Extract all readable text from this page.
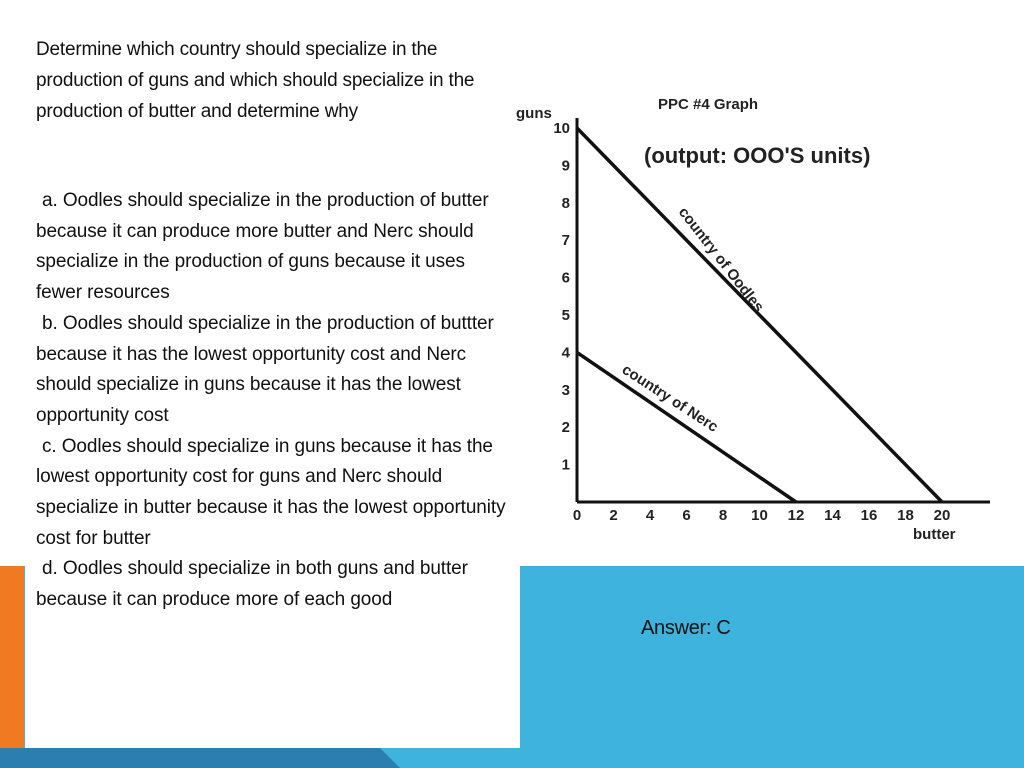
Determine which country should specialize in the production of guns and which should specialize in the production of butter and determine why
a. Oodles should specialize in the production of butter because it can produce more butter and Nerc should specialize in the production of guns because it uses fewer resources
b. Oodles should specialize in the production of buttter because it has the lowest opportunity cost and Nerc should specialize in guns because it has the lowest opportunity cost
c. Oodles should specialize in guns because it has the lowest opportunity cost for guns and Nerc should specialize in butter because it has the lowest opportunity cost for butter
d. Oodles should specialize in both guns and butter because it can produce more of each good
Answer: C
PPC #4 Graph
(output: OOO'S units)
guns
butter
0 2 4 6 8 10 12 14 16 18 20
1
2
3
4
5
6
7
8
9
10
country of Oodles
country of Nerc
